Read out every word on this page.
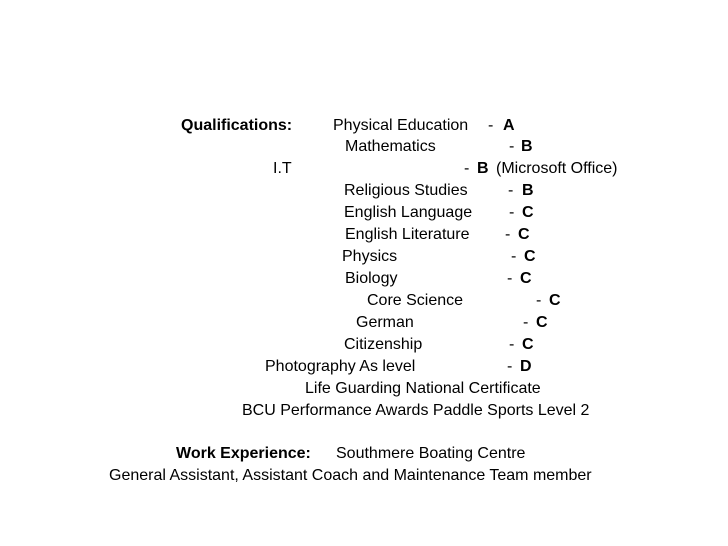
Qualifications:	Physical Education - A
Mathematics	- B
I.T	- B (Microsoft Office)
Religious Studies	- B
English Language - C
English Literature - C
Physics	- C
Biology	- C
Core Science	- C
German	- C
Citizenship	- C
Photography As level	- D
Life Guarding National Certificate
BCU Performance Awards Paddle Sports Level 2
Work Experience: Southmere Boating Centre
General Assistant, Assistant Coach and Maintenance Team member
